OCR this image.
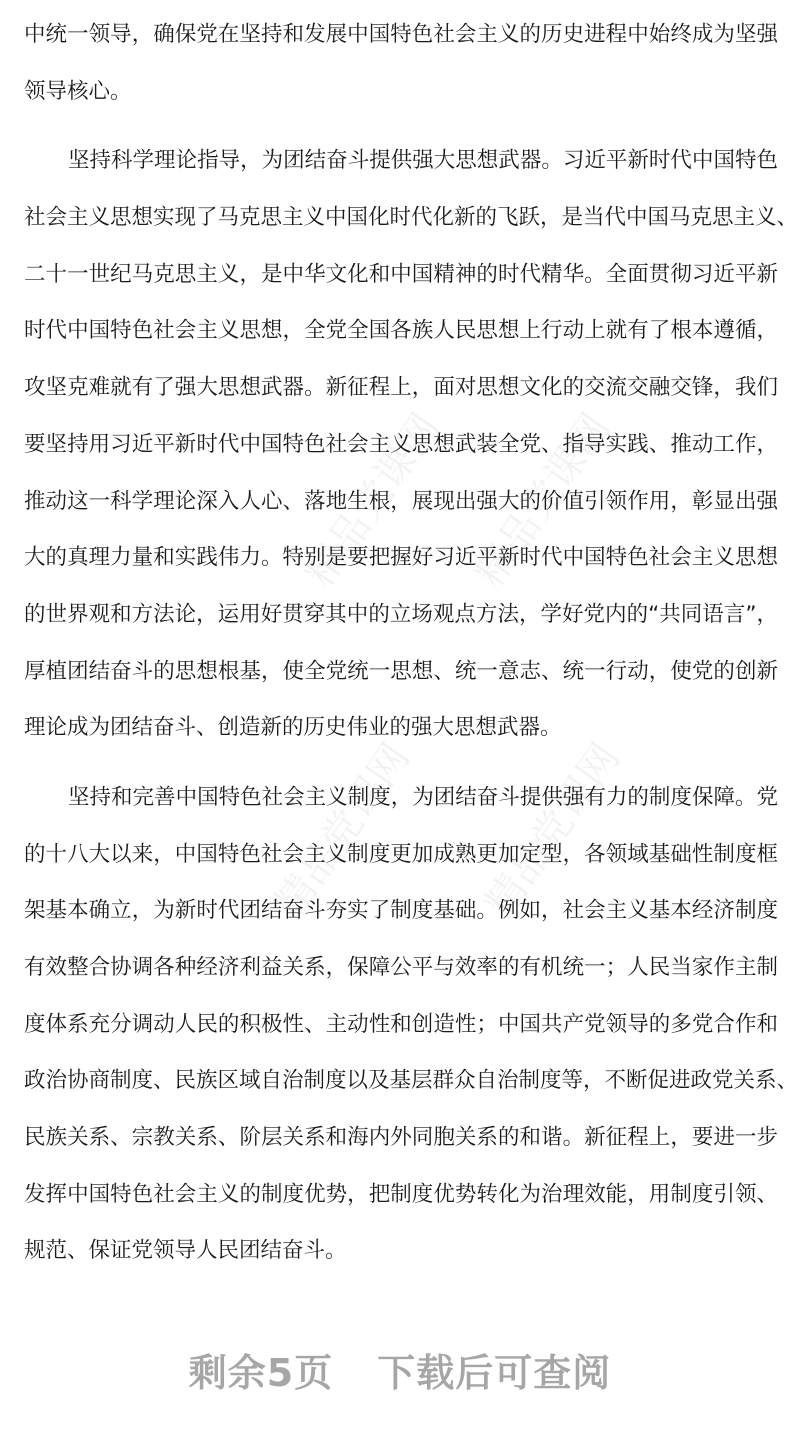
精品党课网 精品党课网
精品党课网 精品党课网
中统一领导，确保党在坚持和发展中国特色社会主义的历史进程中始终成为坚强
领导核心。
坚持科学理论指导，为团结奋斗提供强大思想武器。习近平新时代中国特色
社会主义思想实现了马克思主义中国化时代化新的飞跃，是当代中国马克思主义、
二十一世纪马克思主义，是中华文化和中国精神的时代精华。全面贯彻习近平新
时代中国特色社会主义思想，全党全国各族人民思想上行动上就有了根本遵循，
攻坚克难就有了强大思想武器。新征程上，面对思想文化的交流交融交锋，我们
要坚持用习近平新时代中国特色社会主义思想武装全党、指导实践、推动工作，
推动这一科学理论深入人心、落地生根，展现出强大的价值引领作用，彰显出强
大的真理力量和实践伟力。特别是要把握好习近平新时代中国特色社会主义思想
的世界观和方法论，运用好贯穿其中的立场观点方法，学好党内的“共同语言”，
厚植团结奋斗的思想根基，使全党统一思想、统一意志、统一行动，使党的创新
理论成为团结奋斗、创造新的历史伟业的强大思想武器。
坚持和完善中国特色社会主义制度，为团结奋斗提供强有力的制度保障。党
的十八大以来，中国特色社会主义制度更加成熟更加定型，各领域基础性制度框
架基本确立，为新时代团结奋斗夯实了制度基础。例如，社会主义基本经济制度
有效整合协调各种经济利益关系，保障公平与效率的有机统一；人民当家作主制
度体系充分调动人民的积极性、主动性和创造性；中国共产党领导的多党合作和
政治协商制度、民族区域自治制度以及基层群众自治制度等，不断促进政党关系、
民族关系、宗教关系、阶层关系和海内外同胞关系的和谐。新征程上，要进一步
发挥中国特色社会主义的制度优势，把制度优势转化为治理效能，用制度引领、
规范、保证党领导人民团结奋斗。
剩余5页 下载后可查阅
